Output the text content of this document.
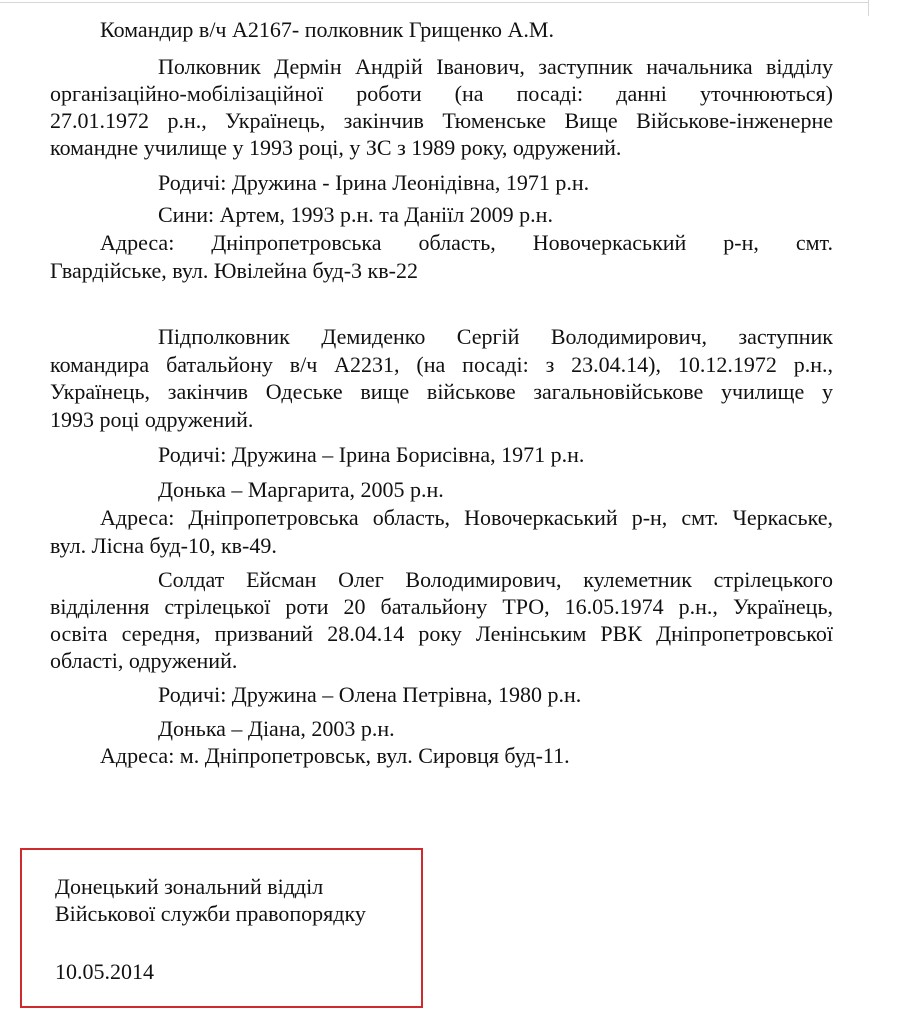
Командир в/ч А2167- полковник Грищенко А.М.
Полковник Дермін Андрій Іванович, заступник начальника відділу
організаційно-мобілізаційної роботи (на посаді: данні уточнюються)
27.01.1972 р.н., Українець, закінчив Тюменське Вище Військове-інженерне
командне училище у 1993 році, у ЗС з 1989 року, одружений.
Родичі: Дружина - Ірина Леонідівна, 1971 р.н.
Сини: Артем, 1993 р.н. та Даніїл 2009 р.н.
Адреса: Дніпропетровська область, Новочеркаський р-н, смт.
Гвардійське, вул. Ювілейна буд-3 кв-22
Підполковник Демиденко Сергій Володимирович, заступник
командира батальйону в/ч А2231, (на посаді: з 23.04.14), 10.12.1972 р.н.,
Українець, закінчив Одеське вище військове загальновійськове училище у
1993 році одружений.
Родичі: Дружина – Ірина Борисівна, 1971 р.н.
Донька – Маргарита, 2005 р.н.
Адреса: Дніпропетровська область, Новочеркаський р-н, смт. Черкаське,
вул. Лісна буд-10, кв-49.
Солдат Ейсман Олег Володимирович, кулеметник стрілецького
відділення стрілецької роти 20 батальйону ТРО, 16.05.1974 р.н., Українець,
освіта середня, призваний 28.04.14 року Ленінським РВК Дніпропетровської
області, одружений.
Родичі: Дружина – Олена Петрівна, 1980 р.н.
Донька – Діана, 2003 р.н.
Адреса: м. Дніпропетровськ, вул. Сировця буд-11.
Донецький зональний відділ
Військової служби правопорядку
10.05.2014
